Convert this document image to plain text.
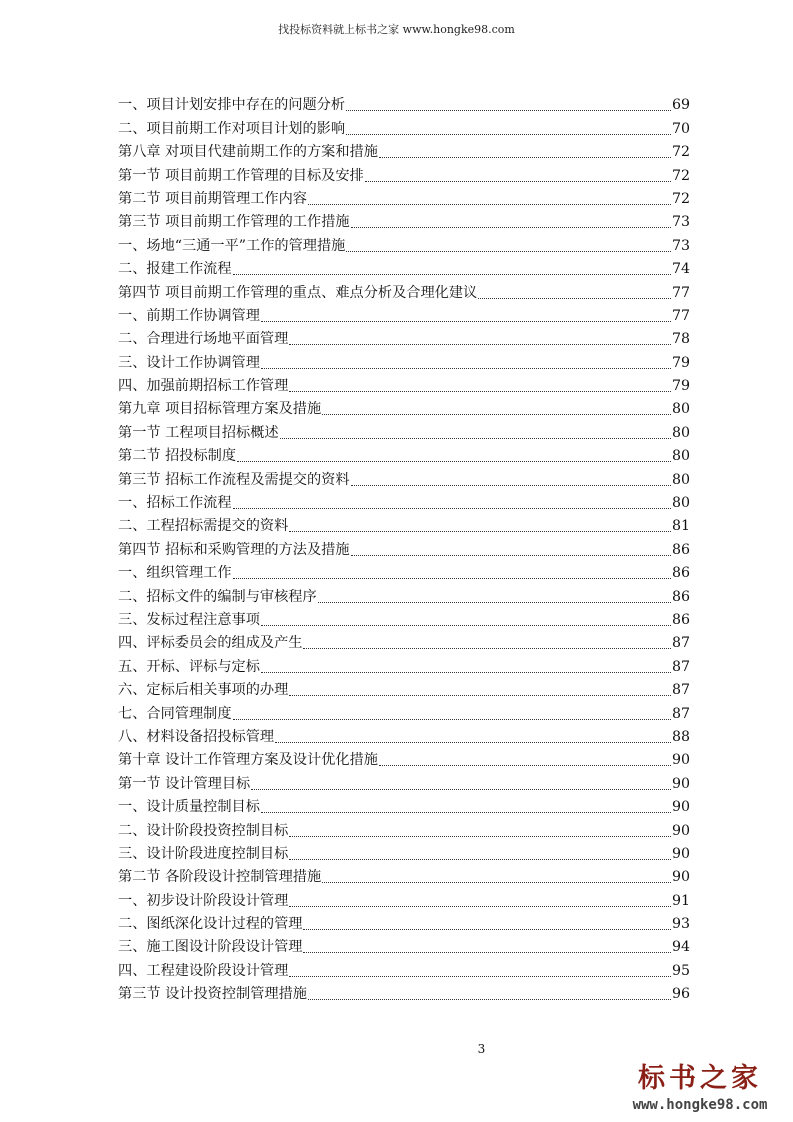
找投标资料就上标书之家 www.hongke98.com
一、项目计划安排中存在的问题分析	69
二、项目前期工作对项目计划的影响	70
第八章 对项目代建前期工作的方案和措施	72
第一节 项目前期工作管理的目标及安排	72
第二节 项目前期管理工作内容	72
第三节 项目前期工作管理的工作措施	73
一、场地“三通一平”工作的管理措施	73
二、报建工作流程	74
第四节 项目前期工作管理的重点、难点分析及合理化建议	77
一、前期工作协调管理	77
二、合理进行场地平面管理	78
三、设计工作协调管理	79
四、加强前期招标工作管理	79
第九章 项目招标管理方案及措施	80
第一节 工程项目招标概述	80
第二节 招投标制度	80
第三节 招标工作流程及需提交的资料	80
一、招标工作流程	80
二、工程招标需提交的资料	81
第四节 招标和采购管理的方法及措施	86
一、组织管理工作	86
二、招标文件的编制与审核程序	86
三、发标过程注意事项	86
四、评标委员会的组成及产生	87
五、开标、评标与定标	87
六、定标后相关事项的办理	87
七、合同管理制度	87
八、材料设备招投标管理	88
第十章 设计工作管理方案及设计优化措施	90
第一节 设计管理目标	90
一、设计质量控制目标	90
二、设计阶段投资控制目标	90
三、设计阶段进度控制目标	90
第二节 各阶段设计控制管理措施	90
一、初步设计阶段设计管理	91
二、图纸深化设计过程的管理	93
三、施工图设计阶段设计管理	94
四、工程建设阶段设计管理	95
第三节 设计投资控制管理措施	96
3
标书之家
www.hongke98.com
